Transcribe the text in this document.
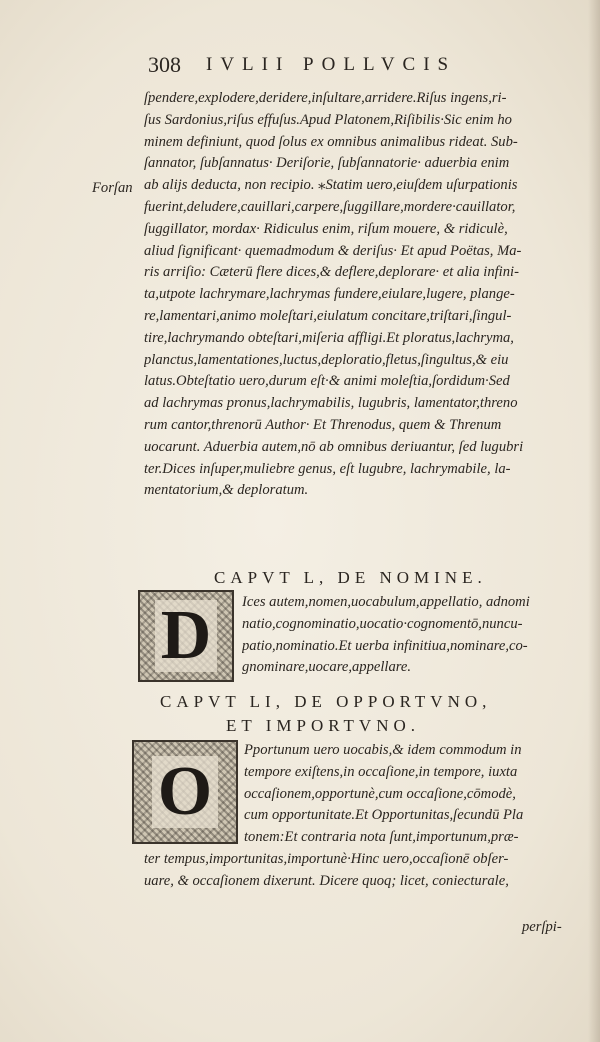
308 IVLII POLLVCIS
Forſan
ſpendere,explodere,deridere,inſultare,arridere.Riſus ingens,ri-
ſus Sardonius,riſus effuſus.Apud Platonem,Riſibilis·Sic enim ho
minem definiunt, quod ſolus ex omnibus animalibus rideat. Sub-
ſannator, ſubſannatus· Deriſorie, ſubſannatorie· aduerbia enim
ab alijs deducta, non recipio. ⁎Statim uero,eiuſdem uſurpationis
fuerint,deludere,cauillari,carpere,ſuggillare,mordere·cauillator,
ſuggillator, mordax· Ridiculus enim, riſum mouere, & ridiculè,
aliud ſignificant· quemadmodum & deriſus· Et apud Poëtas, Ma-
ris arriſio: Cæterū flere dices,& deflere,deplorare· et alia infini-
ta,utpote lachrymare,lachrymas fundere,eiulare,lugere, plange-
re,lamentari,animo moleſtari,eiulatum concitare,triſtari,ſingul-
tire,lachrymando obteſtari,miſeria affligi.Et ploratus,lachryma,
planctus,lamentationes,luctus,deploratio,fletus,ſingultus,& eiu
latus.Obteſtatio uero,durum eſt·& animi moleſtia,ſordidum·Sed
ad lachrymas pronus,lachrymabilis, lugubris, lamentator,threno
rum cantor,threnorū Author· Et Threnodus, quem & Threnum
uocarunt. Aduerbia autem,nō ab omnibus deriuantur, ſed lugubri
ter.Dices inſuper,muliebre genus, eſt lugubre, lachrymabile, la-
mentatorium,& deploratum.
CAPVT L, DE NOMINE.
D	Ices autem,nomen,uocabulum,appellatio, adnomi
natio,cognominatio,uocatio·cognomentō,nuncu-
patio,nominatio.Et uerba infinitiua,nominare,co-
gnominare,uocare,appellare.
CAPVT LI, DE OPPORTVNO,
ET IMPORTVNO.
O
Pportunum uero uocabis,& idem commodum in
tempore exiſtens,in occaſione,in tempore, iuxta
occaſionem,opportunè,cum occaſione,cōmodè,
cum opportunitate.Et Opportunitas,ſecundū Pla
tonem:Et contraria nota ſunt,importunum,præ-
ter tempus,importunitas,importunè·Hinc uero,occaſionē obſer-
uare, & occaſionem dixerunt. Dicere quoq; licet, coniecturale,
perſpi-
